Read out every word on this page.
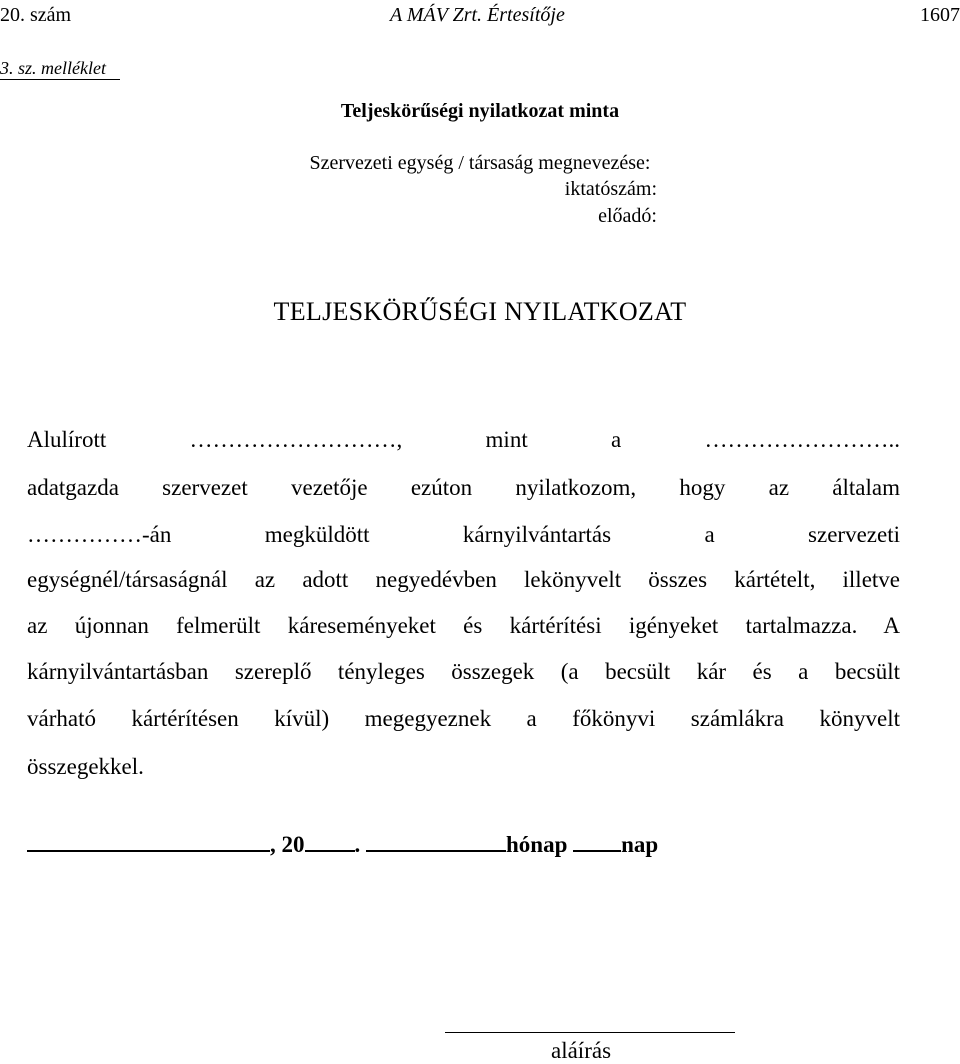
20. szám	A MÁV Zrt. Értesítője	1607
3. sz. melléklet
Teljeskörűségi nyilatkozat minta
Szervezeti egység / társaság megnevezése:
iktatószám:
előadó:
TELJESKÖRŰSÉGI NYILATKOZAT
Alulírott ………………………, mint a ……………………..
adatgazda szervezet vezetője ezúton nyilatkozom, hogy az általam
……………-án megküldött kárnyilvántartás a szervezeti
egységnél/társaságnál az adott negyedévben lekönyvelt összes kártételt, illetve
az újonnan felmerült káreseményeket és kártérítési igényeket tartalmazza. A
kárnyilvántartásban szereplő tényleges összegek (a becsült kár és a becsült
várható kártérítésen kívül) megegyeznek a főkönyvi számlákra könyvelt
összegekkel.
, 20 .	hónap nap
aláírás
